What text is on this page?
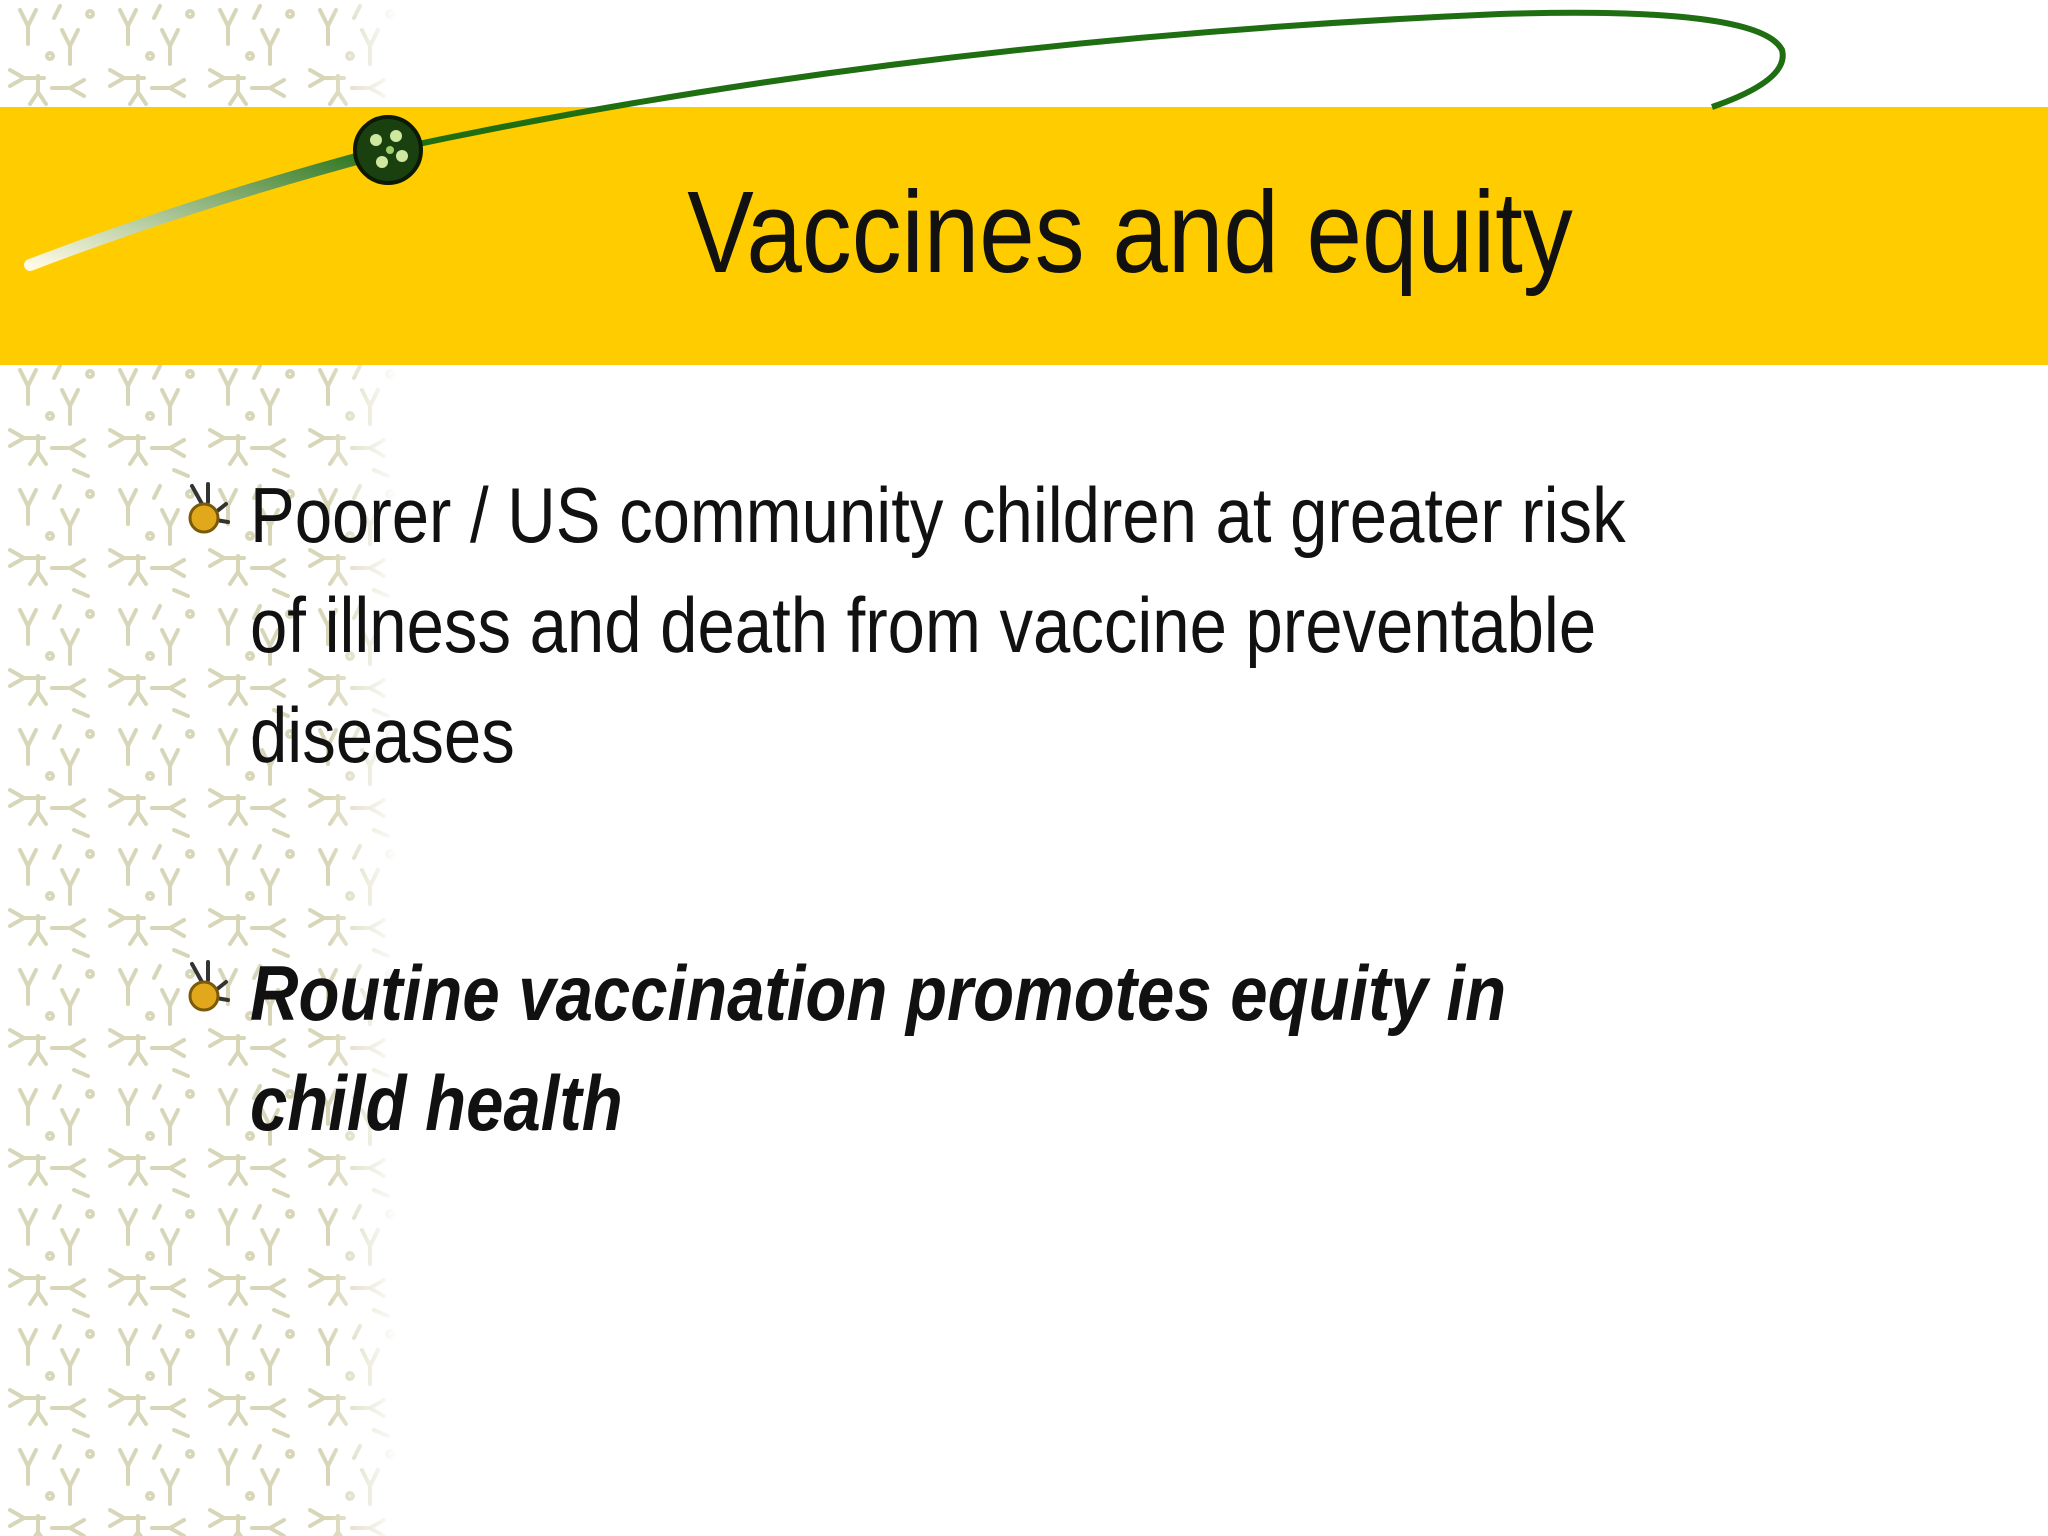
Vaccines and equity
Poorer / US community children at greater risk of illness and death from vaccine preventable diseases
Routine vaccination promotes equity in child health
